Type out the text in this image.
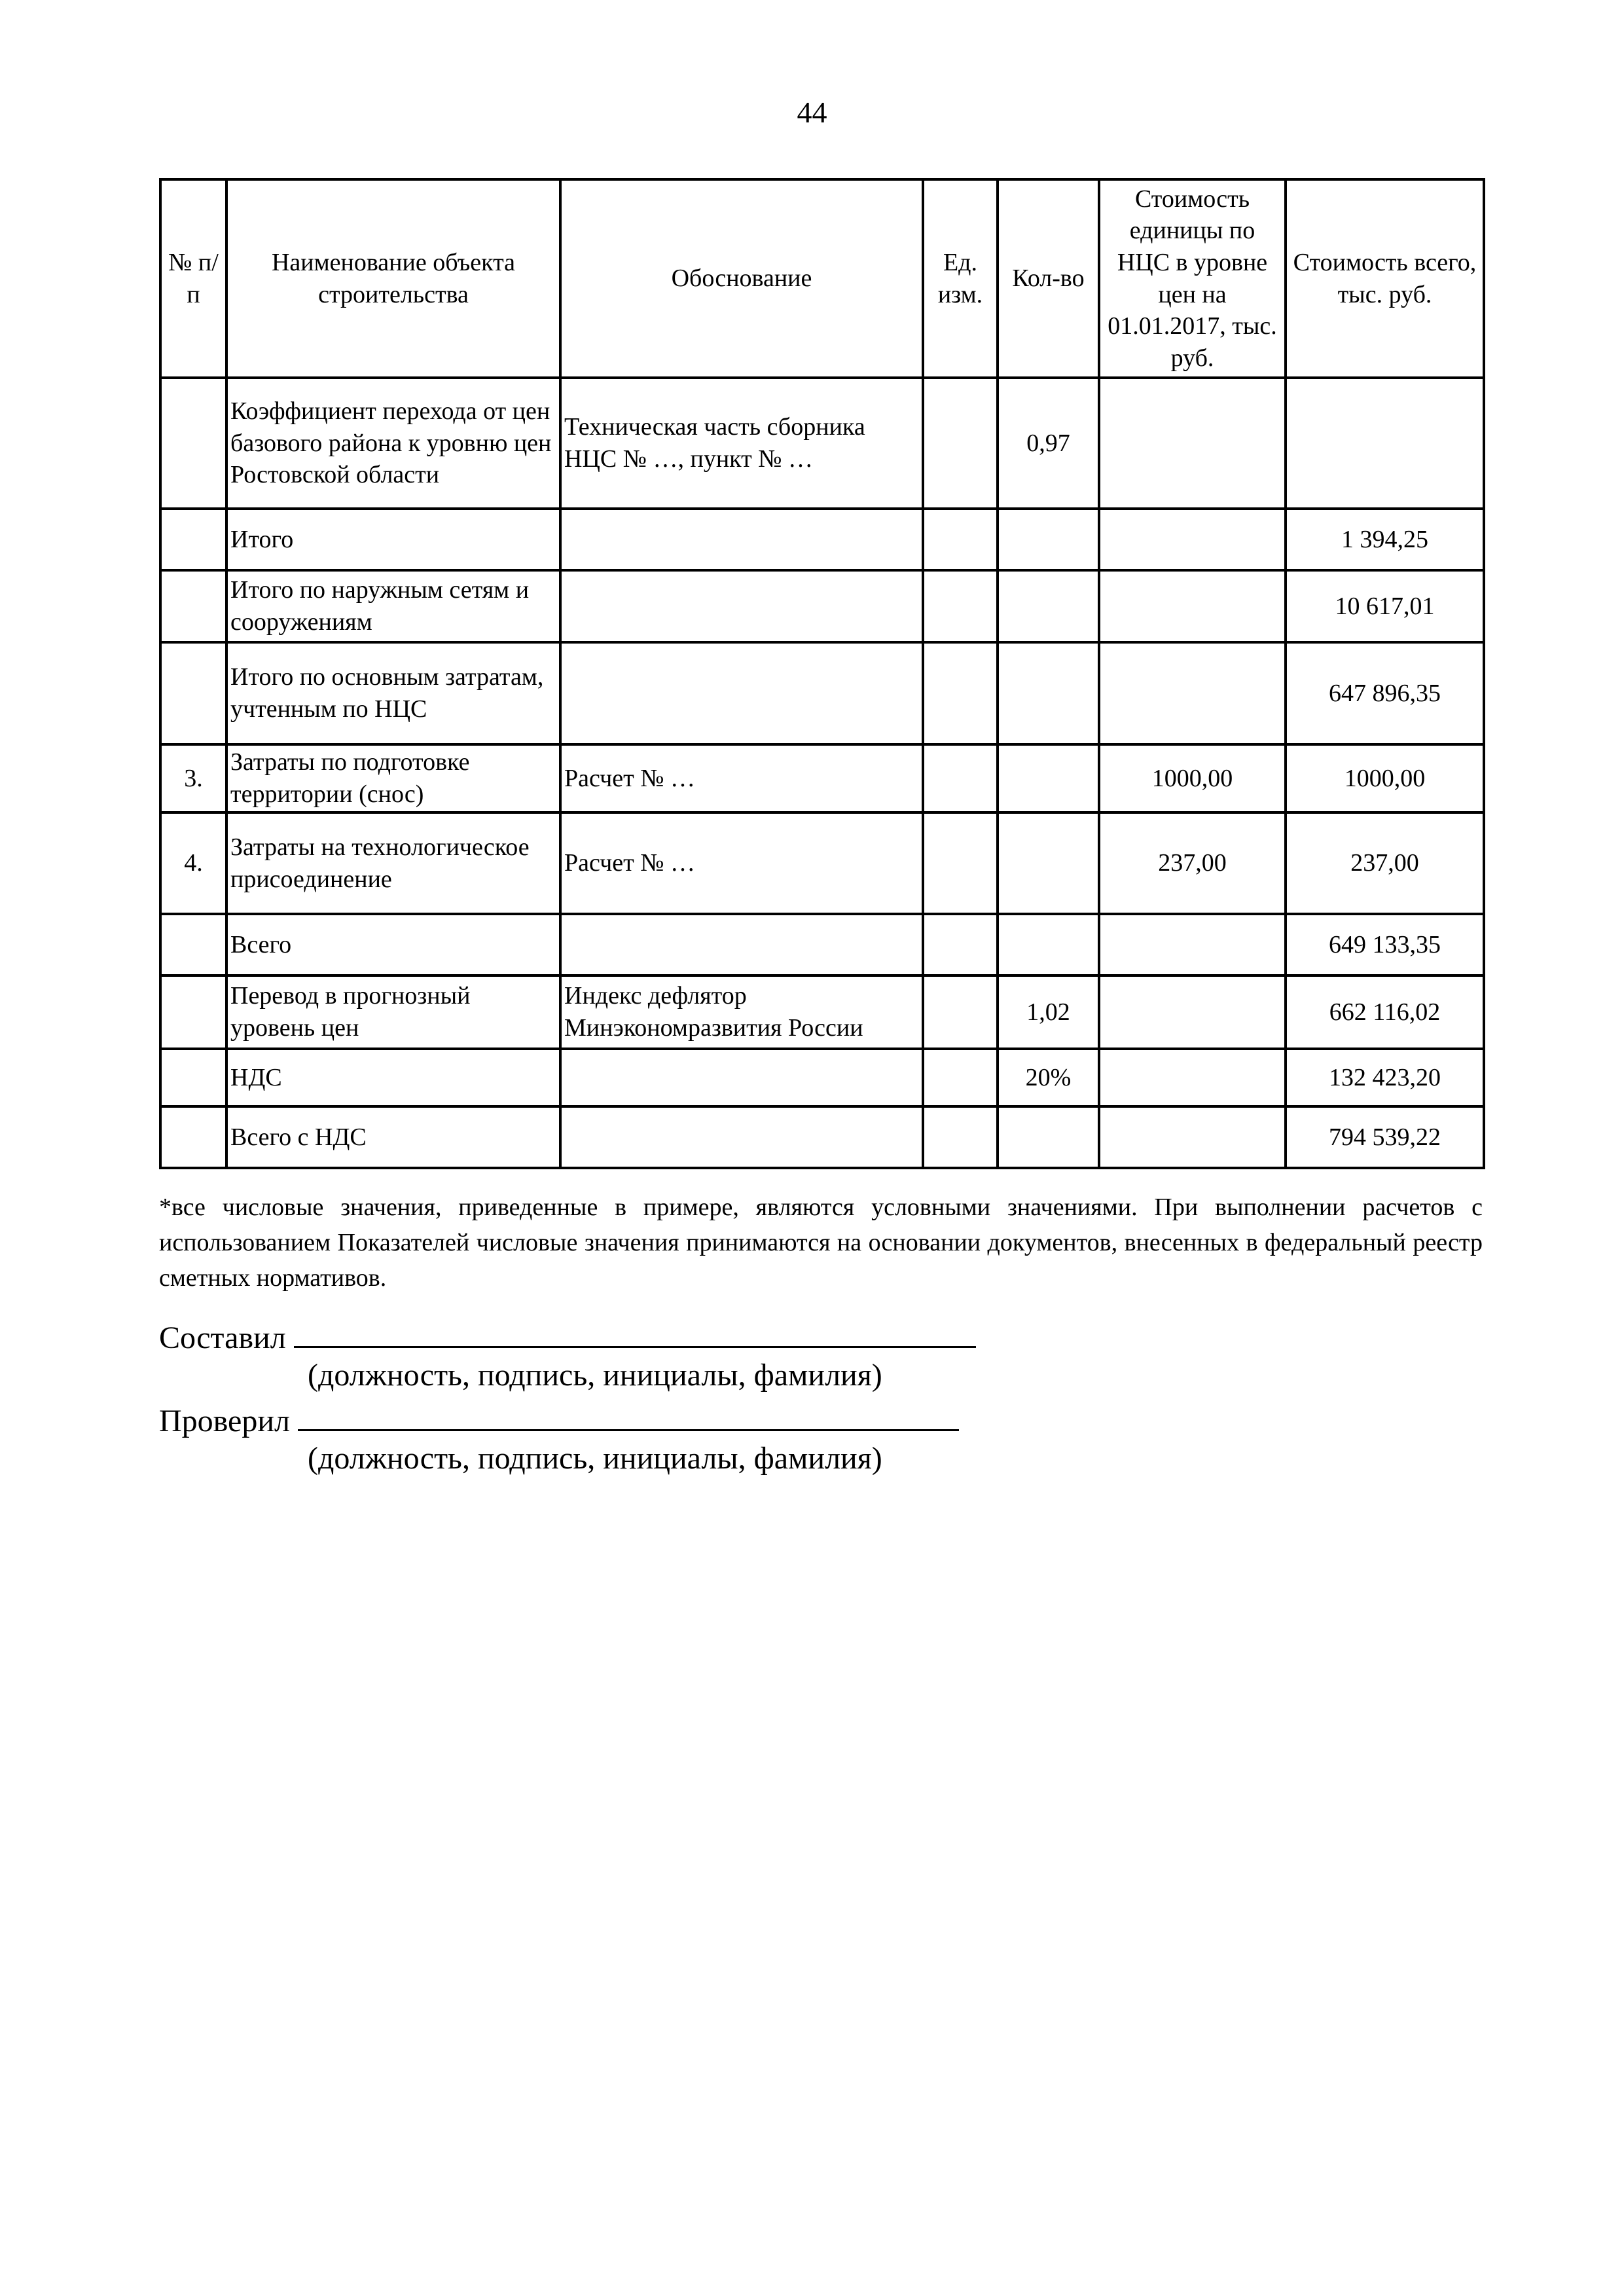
44
№ п/п	Наименование объекта строительства	Обоснование	Ед. изм.	Кол-во	Стоимость единицы по НЦС в уровне цен на 01.01.2017, тыс. руб.	Стоимость всего, тыс. руб.
	Коэффициент перехода от цен базового района к уровню цен Ростовской области	Техническая часть сборника НЦС № …, пункт № …		0,97		
	Итого					1 394,25
	Итого по наружным сетям и сооружениям					10 617,01
	Итого по основным затратам, учтенным по НЦС					647 896,35
3.	Затраты по подготовке территории (снос)	Расчет № …			1000,00	1000,00
4.	Затраты на технологическое присоединение	Расчет № …			237,00	237,00
	Всего					649 133,35
	Перевод в прогнозный уровень цен	Индекс дефлятор Минэкономразвития России		1,02		662 116,02
	НДС			20%		132 423,20
	Всего с НДС					794 539,22
*все числовые значения, приведенные в примере, являются условными значениями. При выполнении расчетов с использованием Показателей числовые значения принимаются на основании документов, внесенных в федеральный реестр сметных нормативов.
Составил
(должность, подпись, инициалы, фамилия)
Проверил
(должность, подпись, инициалы, фамилия)
